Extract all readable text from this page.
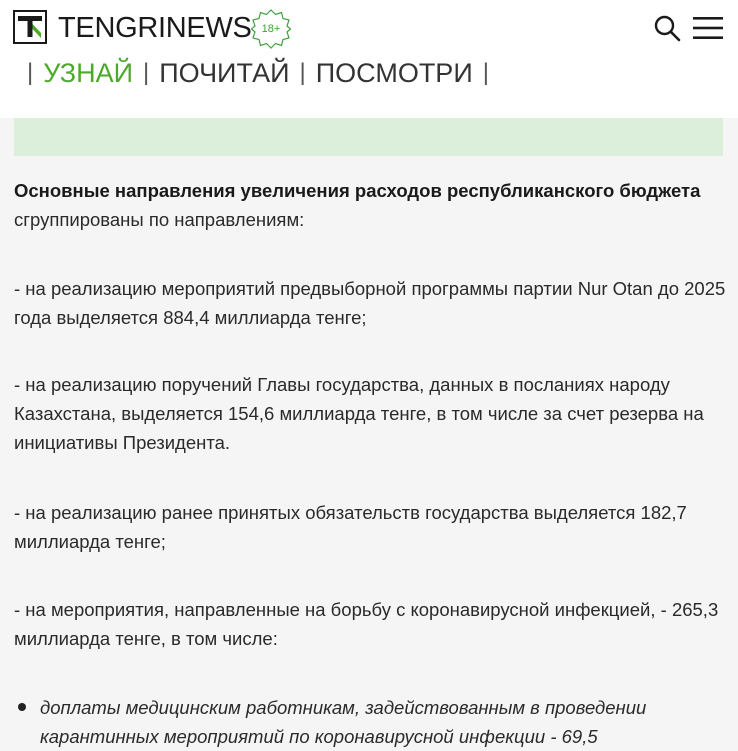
TENGRINEWS 18+
| УЗНАЙ | ПОЧИТАЙ | ПОСМОТРИ |

Основные направления увеличения расходов республиканского бюджета сгруппированы по направлениям:

- на реализацию мероприятий предвыборной программы партии Nur Otan до 2025 года выделяется 884,4 миллиарда тенге;

- на реализацию поручений Главы государства, данных в посланиях народу Казахстана, выделяется 154,6 миллиарда тенге, в том числе за счет резерва на инициативы Президента.

- на реализацию ранее принятых обязательств государства выделяется 182,7 миллиарда тенге;

- на мероприятия, направленные на борьбу с коронавирусной инфекцией, - 265,3 миллиарда тенге, в том числе:

доплаты медицинским работникам, задействованным в проведении карантинных мероприятий по коронавирусной инфекции - 69,5
